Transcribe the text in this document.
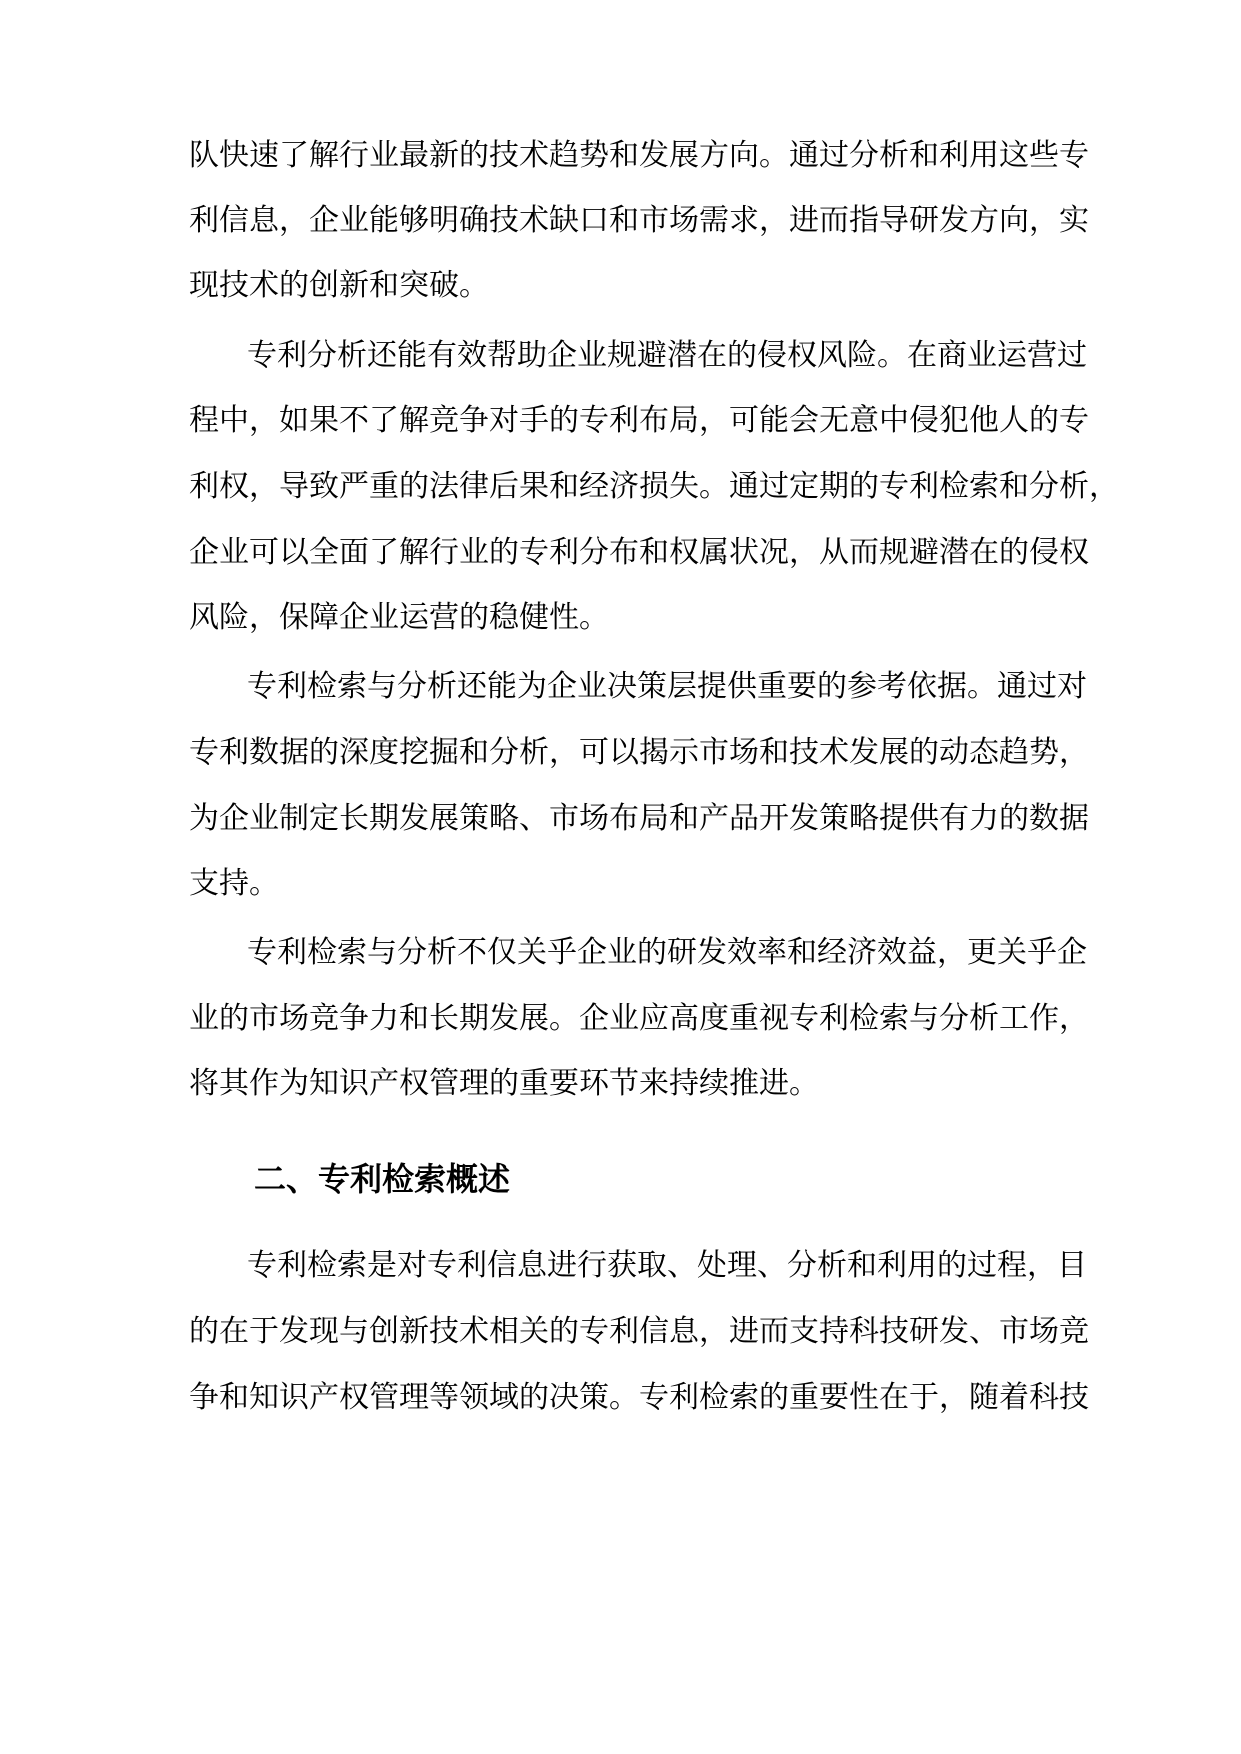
队快速了解行业最新的技术趋势和发展方向。通过分析和利用这些专
利信息，企业能够明确技术缺口和市场需求，进而指导研发方向，实
现技术的创新和突破。
专利分析还能有效帮助企业规避潜在的侵权风险。在商业运营过
程中，如果不了解竞争对手的专利布局，可能会无意中侵犯他人的专
利权，导致严重的法律后果和经济损失。通过定期的专利检索和分析，
企业可以全面了解行业的专利分布和权属状况，从而规避潜在的侵权
风险，保障企业运营的稳健性。
专利检索与分析还能为企业决策层提供重要的参考依据。通过对
专利数据的深度挖掘和分析，可以揭示市场和技术发展的动态趋势，
为企业制定长期发展策略、市场布局和产品开发策略提供有力的数据
支持。
专利检索与分析不仅关乎企业的研发效率和经济效益，更关乎企
业的市场竞争力和长期发展。企业应高度重视专利检索与分析工作，
将其作为知识产权管理的重要环节来持续推进。
二、专利检索概述
专利检索是对专利信息进行获取、处理、分析和利用的过程，目
的在于发现与创新技术相关的专利信息，进而支持科技研发、市场竞
争和知识产权管理等领域的决策。专利检索的重要性在于，随着科技
